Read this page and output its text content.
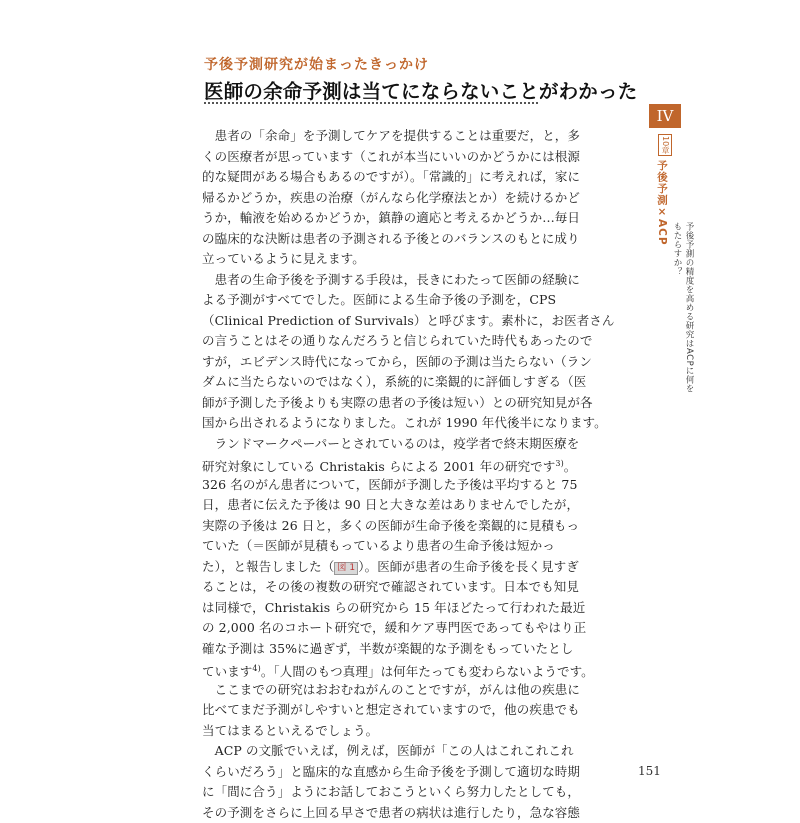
予後予測研究が始まったきっかけ
医師の余命予測は当てにならないことがわかった
　患者の「余命」を予測してケアを提供することは重要だ，と，多
くの医療者が思っています（これが本当にいいのかどうかには根源
的な疑問がある場合もあるのですが）。「常識的」に考えれば，家に
帰るかどうか，疾患の治療（がんなら化学療法とか）を続けるかど
うか，輸液を始めるかどうか，鎮静の適応と考えるかどうか…毎日
の臨床的な決断は患者の予測される予後とのバランスのもとに成り
立っているように見えます。
　患者の生命予後を予測する手段は，長きにわたって医師の経験に
よる予測がすべてでした。医師による生命予後の予測を，CPS
（Clinical Prediction of Survivals）と呼びます。素朴に，お医者さん
の言うことはその通りなんだろうと信じられていた時代もあったので
すが，エビデンス時代になってから，医師の予測は当たらない（ラン
ダムに当たらないのではなく），系統的に楽観的に評価しすぎる（医
師が予測した予後よりも実際の患者の予後は短い）との研究知見が各
国から出されるようになりました。これが 1990 年代後半になります。
　ランドマークペーパーとされているのは，疫学者で終末期医療を
研究対象にしている Christakis らによる 2001 年の研究です$^{3)}$。
326 名のがん患者について，医師が予測した予後は平均すると 75
日，患者に伝えた予後は 90 日と大きな差はありませんでしたが，
実際の予後は 26 日と，多くの医師が生命予後を楽観的に見積もっ
ていた（＝医師が見積もっているより患者の生命予後は短かっ
た），と報告しました（ 図 1 ）。医師が患者の生命予後を長く見すぎ
ることは，その後の複数の研究で確認されています。日本でも知見
は同様で，Christakis らの研究から 15 年ほどたって行われた最近
の 2,000 名のコホート研究で，緩和ケア専門医であってもやはり正
確な予測は 35%に過ぎず，半数が楽観的な予測をもっていたとし
ています$^{4)}$。「人間のもつ真理」は何年たっても変わらないようです。
　ここまでの研究はおおむねがんのことですが，がんは他の疾患に
比べてまだ予測がしやすいと想定されていますので，他の疾患でも
当てはまるといえるでしょう。
　ACP の文脈でいえば，例えば，医師が「この人はこれこれこれ
くらいだろう」と臨床的な直感から生命予後を予測して適切な時期
に「間に合う」ようにお話しておこうといくら努力したとしても，
その予測をさらに上回る早さで患者の病状は進行したり，急な容態
IV
10章
予後予測×ACP
予後予測の精度を高める研究はACPに何をもたらすか？
151
